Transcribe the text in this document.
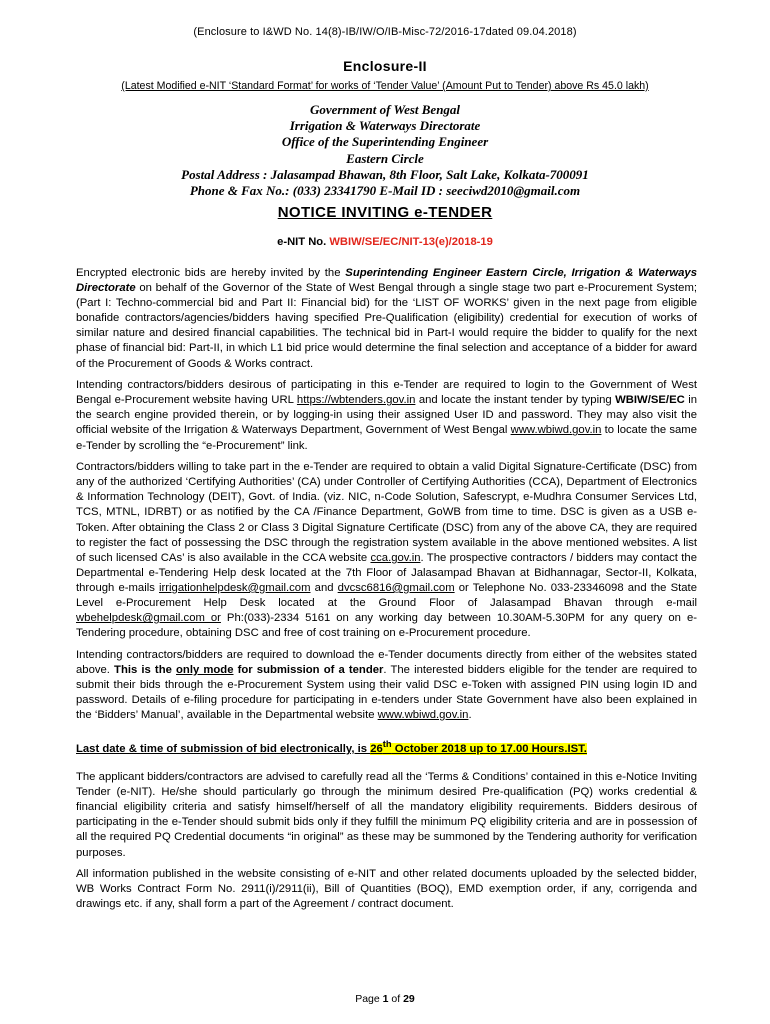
(Enclosure to I&WD No. 14(8)-IB/IW/O/IB-Misc-72/2016-17dated 09.04.2018)
Enclosure-II
(Latest Modified e-NIT ‘Standard Format’ for works of ‘Tender Value’ (Amount Put to Tender) above Rs 45.0 lakh)
Government of West Bengal
Irrigation & Waterways Directorate
Office of the Superintending Engineer
Eastern Circle
Postal Address : Jalasampad Bhawan, 8th Floor, Salt Lake, Kolkata-700091
Phone & Fax No.: (033) 23341790 E-Mail ID : seeciwd2010@gmail.com
NOTICE INVITING e-TENDER
e-NIT No. WBIW/SE/EC/NIT-13(e)/2018-19

Encrypted electronic bids are hereby invited by the Superintending Engineer Eastern Circle, Irrigation & Waterways Directorate on behalf of the Governor of the State of West Bengal through a single stage two part e-Procurement System; (Part I: Techno-commercial bid and Part II: Financial bid) for the ‘LIST OF WORKS’ given in the next page from eligible bonafide contractors/agencies/bidders having specified Pre-Qualification (eligibility) credential for execution of works of similar nature and desired financial capabilities. The technical bid in Part-I would require the bidder to qualify for the next phase of financial bid: Part-II, in which L1 bid price would determine the final selection and acceptance of a bidder for award of the Procurement of Goods & Works contract.

Intending contractors/bidders desirous of participating in this e-Tender are required to login to the Government of West Bengal e-Procurement website having URL https://wbtenders.gov.in and locate the instant tender by typing WBIW/SE/EC in the search engine provided therein, or by logging-in using their assigned User ID and password. They may also visit the official website of the Irrigation & Waterways Department, Government of West Bengal www.wbiwd.gov.in to locate the same e-Tender by scrolling the “e-Procurement” link.

Contractors/bidders willing to take part in the e-Tender are required to obtain a valid Digital Signature-Certificate (DSC) from any of the authorized ‘Certifying Authorities’ (CA) under Controller of Certifying Authorities (CCA), Department of Electronics & Information Technology (DEIT), Govt. of India. (viz. NIC, n-Code Solution, Safescrypt, e-Mudhra Consumer Services Ltd, TCS, MTNL, IDRBT) or as notified by the CA /Finance Department, GoWB from time to time. DSC is given as a USB e-Token. After obtaining the Class 2 or Class 3 Digital Signature Certificate (DSC) from any of the above CA, they are required to register the fact of possessing the DSC through the registration system available in the above mentioned websites. A list of such licensed CAs’ is also available in the CCA website cca.gov.in. The prospective contractors / bidders may contact the Departmental e-Tendering Help desk located at the 7th Floor of Jalasampad Bhavan at Bidhannagar, Sector-II, Kolkata, through e-mails irrigationhelpdesk@gmail.com and dvcsc6816@gmail.com or Telephone No. 033-23346098 and the State Level e-Procurement Help Desk located at the Ground Floor of Jalasampad Bhavan through e-mail wbehelpdesk@gmail.com or Ph:(033)-2334 5161 on any working day between 10.30AM-5.30PM for any query on e-Tendering procedure, obtaining DSC and free of cost training on e-Procurement procedure.

Intending contractors/bidders are required to download the e-Tender documents directly from either of the websites stated above. This is the only mode for submission of a tender. The interested bidders eligible for the tender are required to submit their bids through the e-Procurement System using their valid DSC e-Token with assigned PIN using login ID and password. Details of e-filing procedure for participating in e-tenders under State Government have also been explained in the ‘Bidders’ Manual’, available in the Departmental website www.wbiwd.gov.in.

Last date & time of submission of bid electronically, is 26th October 2018 up to 17.00 Hours.IST.

The applicant bidders/contractors are advised to carefully read all the ‘Terms & Conditions’ contained in this e-Notice Inviting Tender (e-NIT). He/she should particularly go through the minimum desired Pre-qualification (PQ) works credential & financial eligibility criteria and satisfy himself/herself of all the mandatory eligibility requirements. Bidders desirous of participating in the e-Tender should submit bids only if they fulfill the minimum PQ eligibility criteria and are in possession of all the required PQ Credential documents “in original” as these may be summoned by the Tendering authority for verification purposes.

All information published in the website consisting of e-NIT and other related documents uploaded by the selected bidder, WB Works Contract Form No. 2911(i)/2911(ii), Bill of Quantities (BOQ), EMD exemption order, if any, corrigenda and drawings etc. if any, shall form a part of the Agreement / contract document.

Page 1 of 29
